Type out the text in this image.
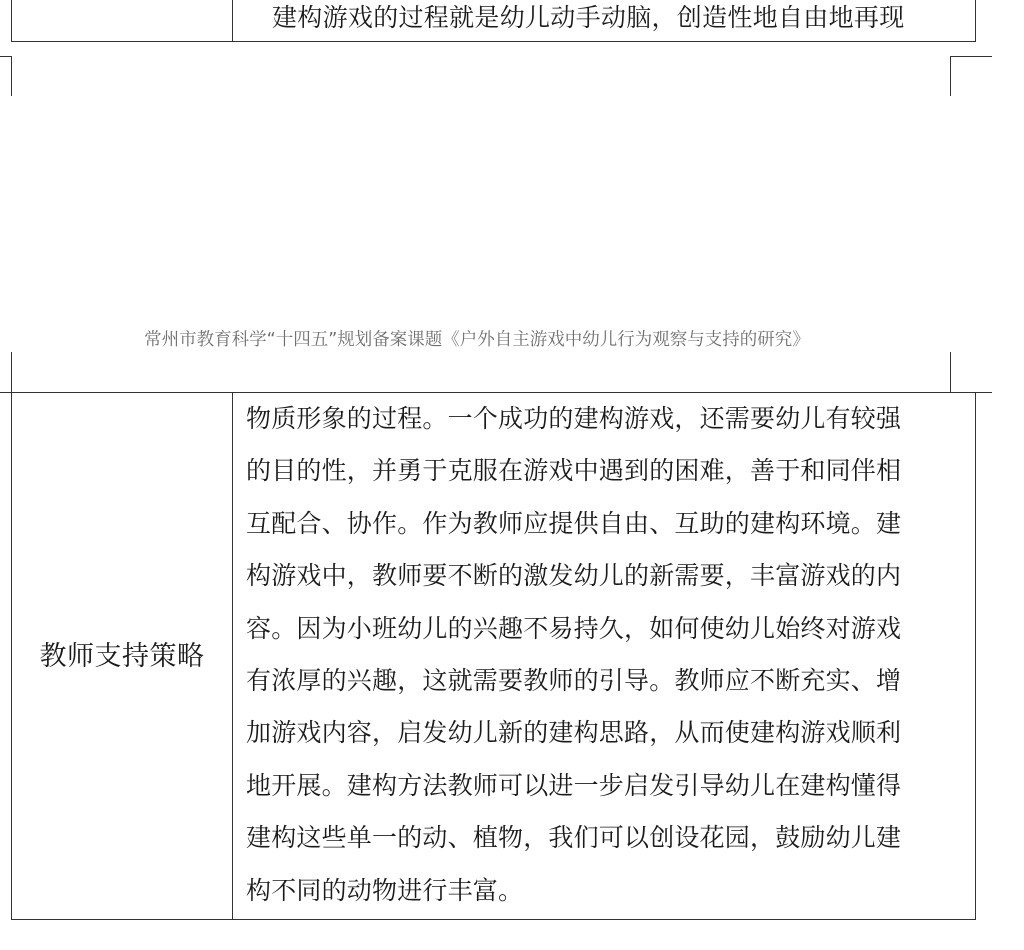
建构游戏的过程就是幼儿动手动脑，创造性地自由地再现
常州市教育科学“十四五”规划备案课题《户外自主游戏中幼儿行为观察与支持的研究》
教师支持策略
物质形象的过程。一个成功的建构游戏，还需要幼儿有较强
的目的性，并勇于克服在游戏中遇到的困难，善于和同伴相
互配合、协作。作为教师应提供自由、互助的建构环境。建
构游戏中，教师要不断的激发幼儿的新需要，丰富游戏的内
容。因为小班幼儿的兴趣不易持久，如何使幼儿始终对游戏
有浓厚的兴趣，这就需要教师的引导。教师应不断充实、增
加游戏内容，启发幼儿新的建构思路，从而使建构游戏顺利
地开展。建构方法教师可以进一步启发引导幼儿在建构懂得
建构这些单一的动、植物，我们可以创设花园，鼓励幼儿建
构不同的动物进行丰富。
